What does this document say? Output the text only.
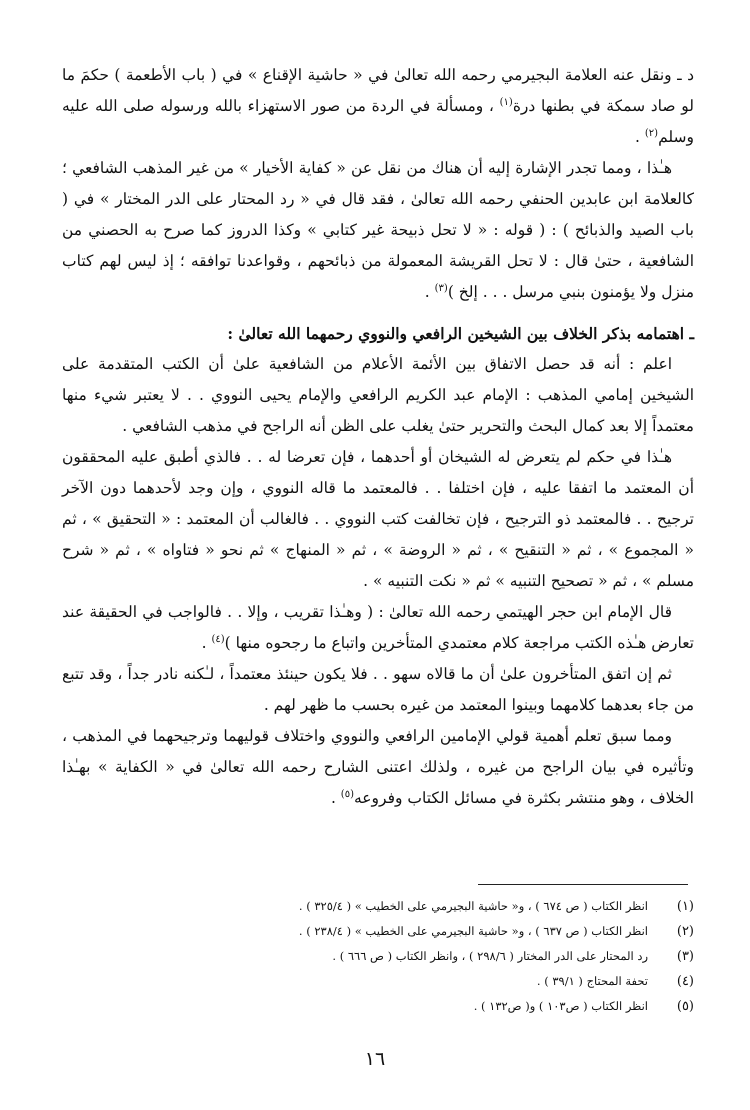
د ـ ونقل عنه العلامة البجيرمي رحمه الله تعالىٰ في « حاشية الإقناع » في ( باب الأطعمة ) حكمَ ما لو صاد سمكة في بطنها درة$^{(١)}$ ، ومسألة في الردة من صور الاستهزاء بالله ورسوله صلى الله عليه وسلم$^{(٢)}$ .

هـٰذا ، ومما تجدر الإشارة إليه أن هناك من نقل عن « كفاية الأخيار » من غير المذهب الشافعي ؛ كالعلامة ابن عابدين الحنفي رحمه الله تعالىٰ ، فقد قال في « رد المحتار على الدر المختار » في ( باب الصيد والذبائح ) : ( قوله : « لا تحل ذبيحة غير كتابي » وكذا الدروز كما صرح به الحصني من الشافعية ، حتىٰ قال : لا تحل القريشة المعمولة من ذبائحهم ، وقواعدنا توافقه ؛ إذ ليس لهم كتاب منزل ولا يؤمنون بنبي مرسل . . . إلخ )$^{(٣)}$ .

ـ اهتمامه بذكر الخلاف بين الشيخين الرافعي والنووي رحمهما الله تعالىٰ :

اعلم : أنه قد حصل الاتفاق بين الأئمة الأعلام من الشافعية علىٰ أن الكتب المتقدمة على الشيخين إمامي المذهب : الإمام عبد الكريم الرافعي والإمام يحيى النووي . . لا يعتبر شيء منها معتمداً إلا بعد كمال البحث والتحرير حتىٰ يغلب على الظن أنه الراجح في مذهب الشافعي .

هـٰذا في حكم لم يتعرض له الشيخان أو أحدهما ، فإن تعرضا له . . فالذي أطبق عليه المحققون أن المعتمد ما اتفقا عليه ، فإن اختلفا . . فالمعتمد ما قاله النووي ، وإن وجد لأحدهما دون الآخر ترجيح . . فالمعتمد ذو الترجيح ، فإن تخالفت كتب النووي . . فالغالب أن المعتمد : « التحقيق » ، ثم « المجموع » ، ثم « التنقيح » ، ثم « الروضة » ، ثم « المنهاج » ثم نحو « فتاواه » ، ثم « شرح مسلم » ، ثم « تصحيح التنبيه » ثم « نكت التنبيه » .

قال الإمام ابن حجر الهيتمي رحمه الله تعالىٰ : ( وهـٰذا تقريب ، وإلا . . فالواجب في الحقيقة عند تعارض هـٰذه الكتب مراجعة كلام معتمدي المتأخرين واتباع ما رجحوه منها )$^{(٤)}$ .

ثم إن اتفق المتأخرون علىٰ أن ما قالاه سهو . . فلا يكون حينئذ معتمداً ، لـٰكنه نادر جداً ، وقد تتبع من جاء بعدهما كلامهما وبينوا المعتمد من غيره بحسب ما ظهر لهم .

ومما سبق تعلم أهمية قولي الإمامين الرافعي والنووي واختلاف قوليهما وترجيحهما في المذهب ، وتأثيره في بيان الراجح من غيره ، ولذلك اعتنى الشارح رحمه الله تعالىٰ في « الكفاية » بهـٰذا الخلاف ، وهو منتشر بكثرة في مسائل الكتاب وفروعه$^{(٥)}$ .

(١)
انظر الكتاب ( ص ٦٧٤ ) ، و« حاشية البجيرمي على الخطيب » ( ٣٢٥/٤ ) .
(٢)
انظر الكتاب ( ص ٦٣٧ ) ، و« حاشية البجيرمي على الخطيب » ( ٢٣٨/٤ ) .
(٣)
رد المحتار على الدر المختار ( ٢٩٨/٦ ) ، وانظر الكتاب ( ص ٦٦٦ ) .
(٤)
تحفة المحتاج ( ٣٩/١ ) .
(٥)
انظر الكتاب ( ص١٠٣ ) و( ص١٣٢ ) .
١٦
